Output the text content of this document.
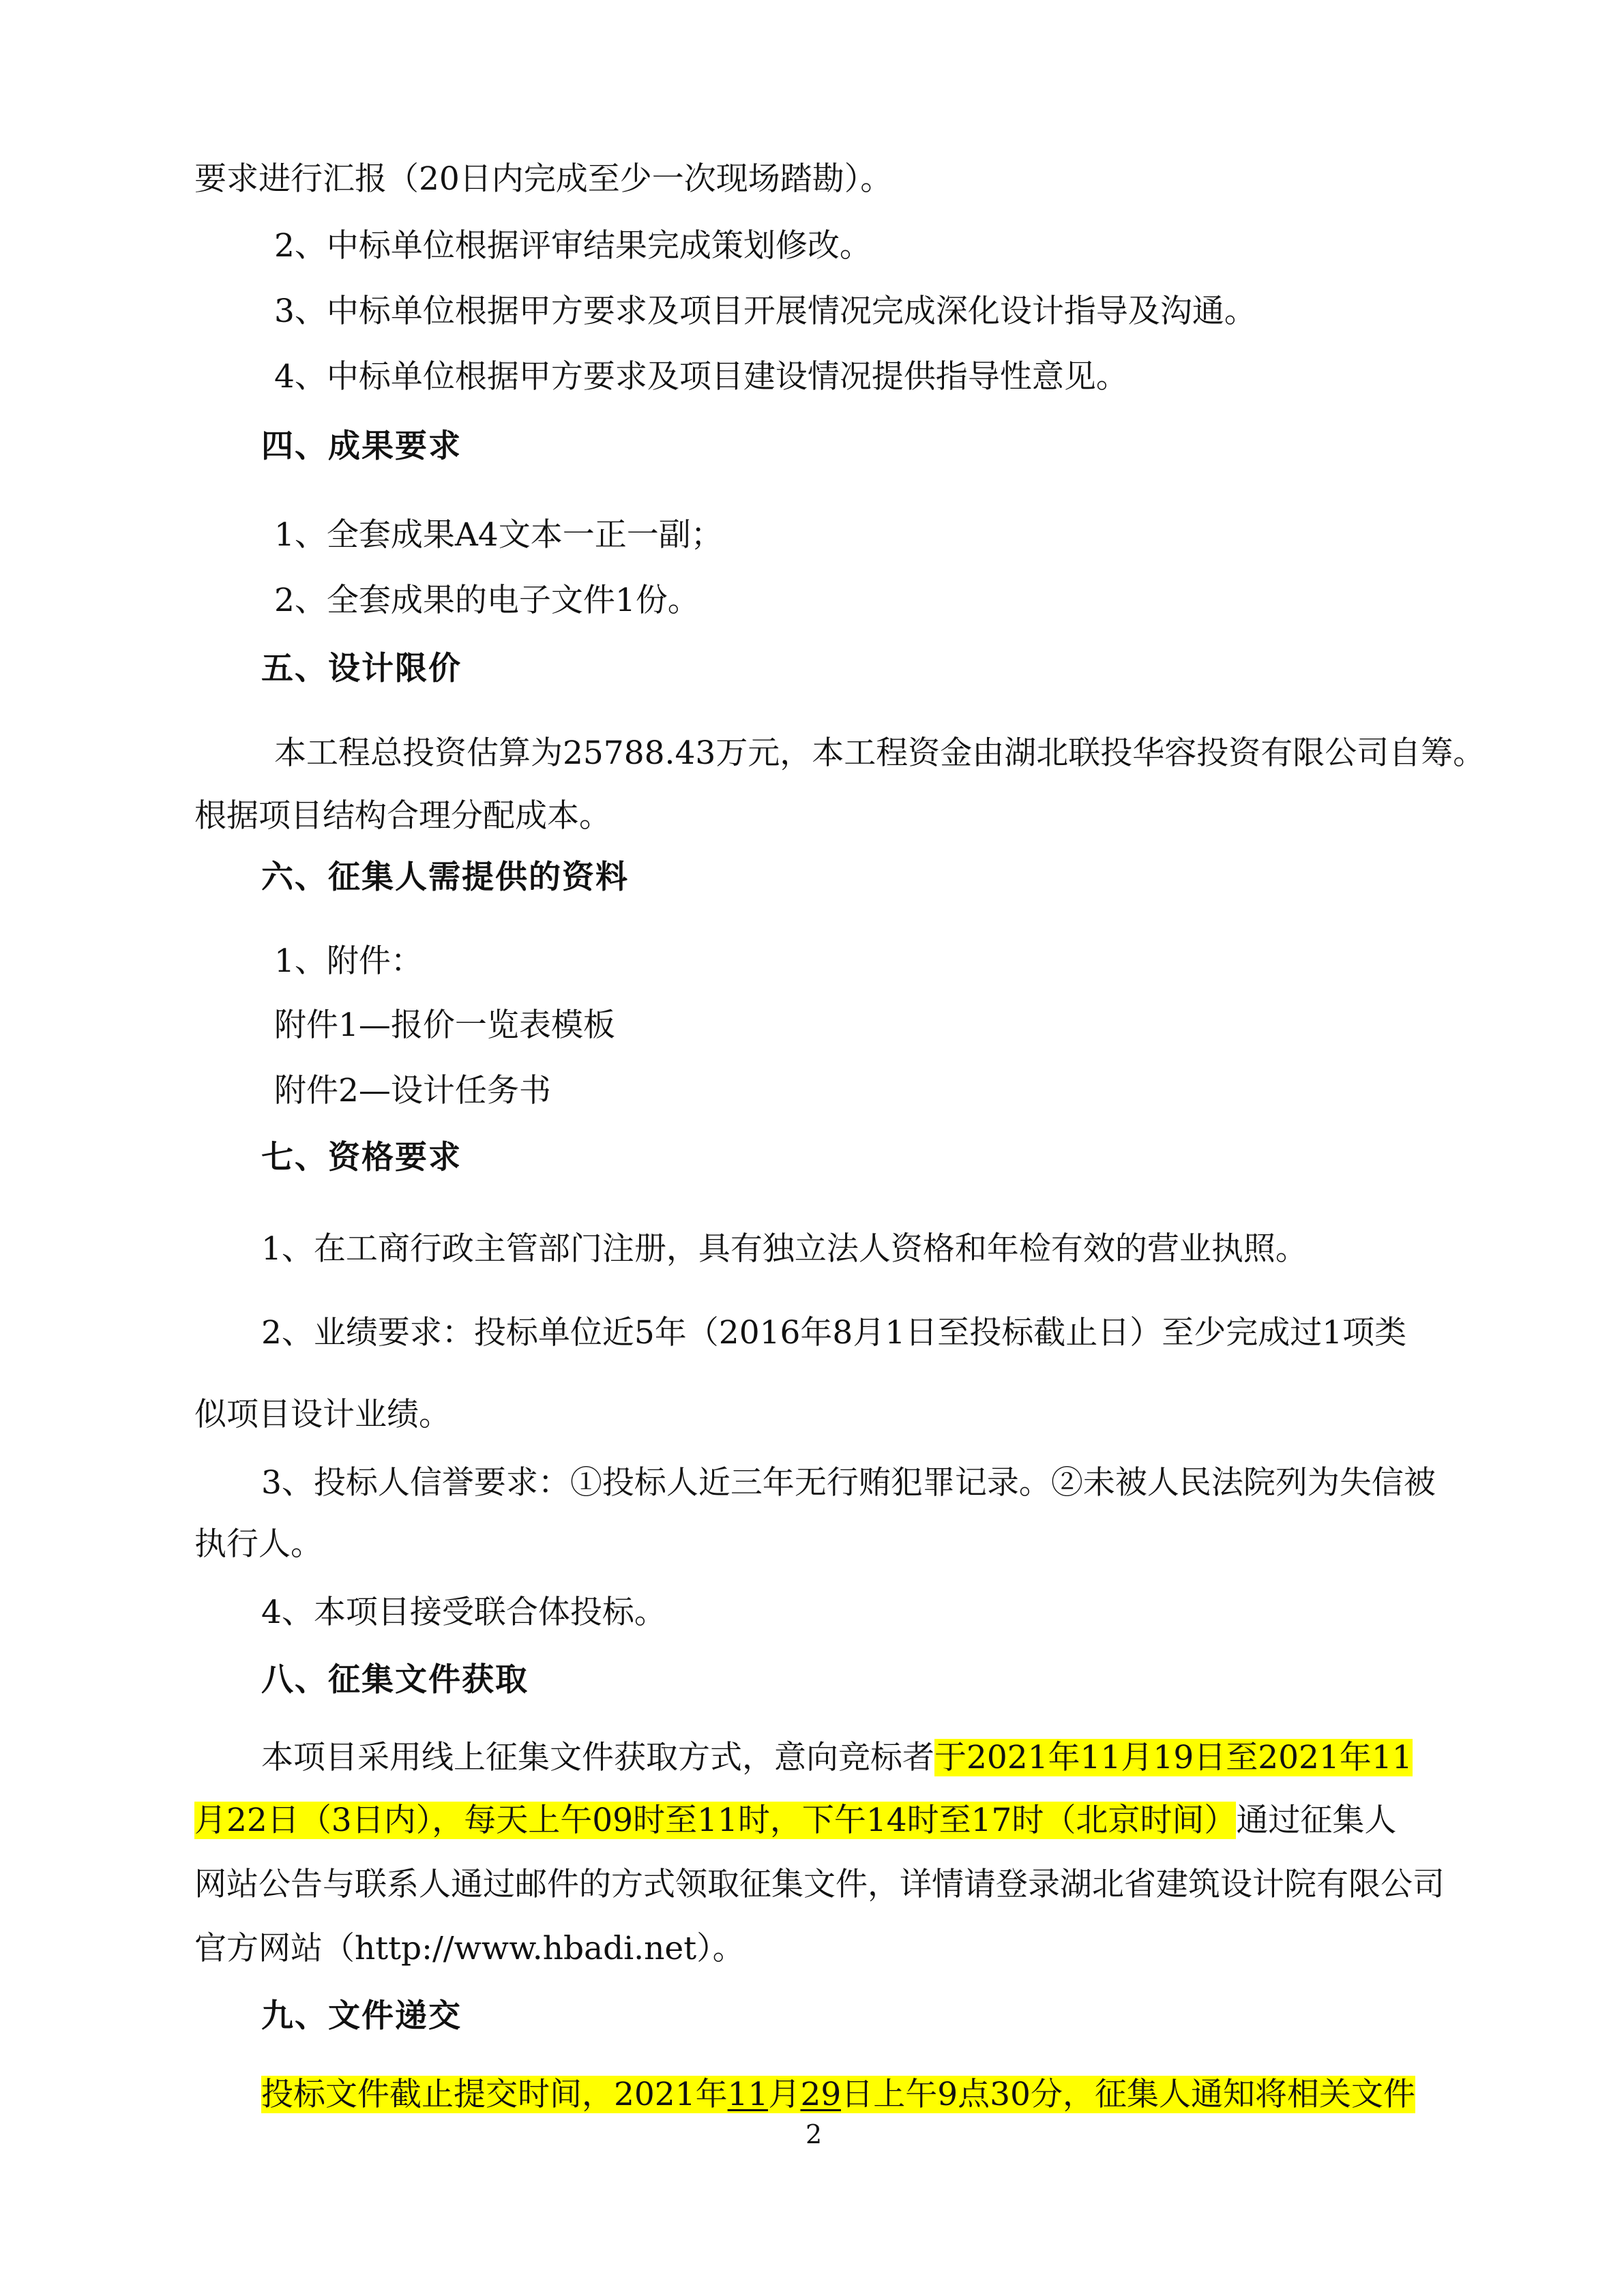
要求进行汇报（20日内完成至少一次现场踏勘）。
2、中标单位根据评审结果完成策划修改。
3、中标单位根据甲方要求及项目开展情况完成深化设计指导及沟通。
4、中标单位根据甲方要求及项目建设情况提供指导性意见。
四、成果要求
1、全套成果A4文本一正一副；
2、全套成果的电子文件1份。
五、设计限价
本工程总投资估算为25788.43万元，本工程资金由湖北联投华容投资有限公司自筹。
根据项目结构合理分配成本。
六、征集人需提供的资料
1、附件：
附件1—报价一览表模板
附件2—设计任务书
七、资格要求
1、在工商行政主管部门注册，具有独立法人资格和年检有效的营业执照。
2、业绩要求：投标单位近5年（2016年8月1日至投标截止日）至少完成过1项类
似项目设计业绩。
3、投标人信誉要求：①投标人近三年无行贿犯罪记录。②未被人民法院列为失信被
执行人。
4、本项目接受联合体投标。
八、征集文件获取
本项目采用线上征集文件获取方式，意向竞标者于2021年11月19日至2021年11
月22日（3日内），每天上午09时至11时，下午14时至17时（北京时间）通过征集人
网站公告与联系人通过邮件的方式领取征集文件，详情请登录湖北省建筑设计院有限公司
官方网站（http://www.hbadi.net）。
九、文件递交
投标文件截止提交时间，2021年11月29日上午9点30分，征集人通知将相关文件
2
